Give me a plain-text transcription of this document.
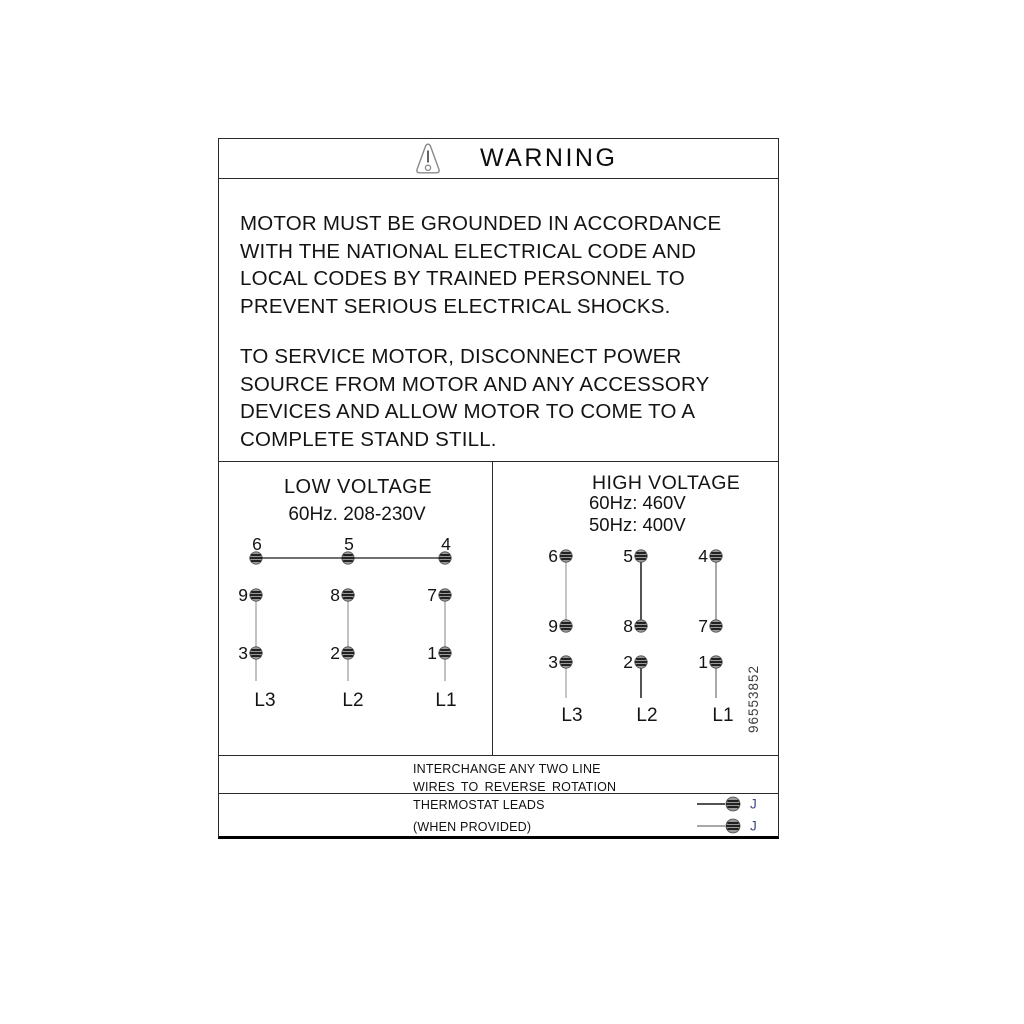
WARNING
MOTOR MUST BE GROUNDED IN ACCORDANCE
WITH THE NATIONAL ELECTRICAL CODE AND
LOCAL CODES BY TRAINED PERSONNEL TO
PREVENT SERIOUS ELECTRICAL SHOCKS.
TO SERVICE MOTOR, DISCONNECT POWER
SOURCE FROM MOTOR AND ANY ACCESSORY
DEVICES AND ALLOW MOTOR TO COME TO A
COMPLETE STAND STILL.
LOW VOLTAGE
60Hz. 208-230V
6
9
3
L3
5
8
2
L2
4
7
1
L1
HIGH VOLTAGE
60Hz: 460V
50Hz: 400V
6
9
3
L3
5
8
2
L2
4
7
1
L1 96553852
INTERCHANGE ANY TWO LINE
WIRES TO REVERSE ROTATION
THERMOSTAT LEADS
(WHEN PROVIDED)
J
J
